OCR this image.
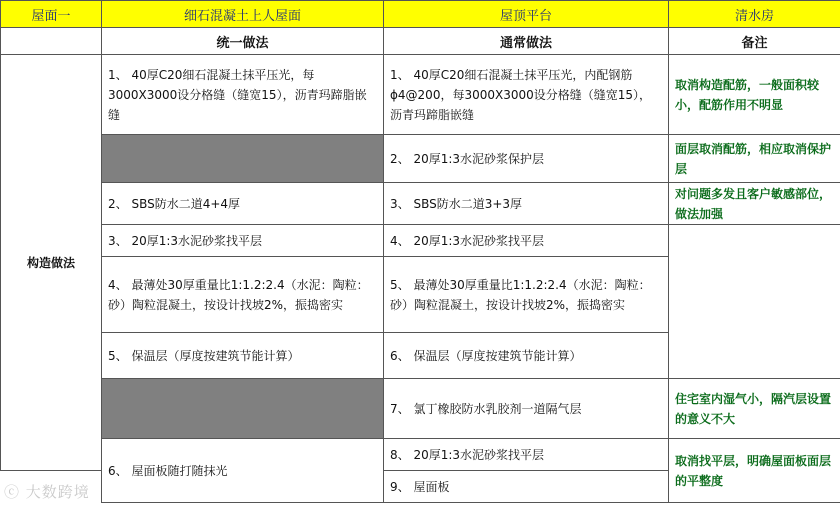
屋面一	细石混凝土上人屋面	屋顶平台	清水房
	统一做法	通常做法	备注
构造做法	1、 40厚C20细石混凝土抹平压光，每3000X3000设分格缝（缝宽15），沥青玛蹄脂嵌缝	1、 40厚C20细石混凝土抹平压光，内配钢筋ϕ4@200，每3000X3000设分格缝（缝宽15），沥青玛蹄脂嵌缝	取消构造配筋，一般面积较小，配筋作用不明显
		2、 20厚1:3水泥砂浆保护层	面层取消配筋，相应取消保护层
	2、 SBS防水二道4+4厚	3、 SBS防水二道3+3厚	对问题多发且客户敏感部位，做法加强
	3、 20厚1:3水泥砂浆找平层	4、 20厚1:3水泥砂浆找平层	
	4、 最薄处30厚重量比1:1.2:2.4（水泥：陶粒：砂）陶粒混凝土，按设计找坡2%，振捣密实	5、 最薄处30厚重量比1:1.2:2.4（水泥：陶粒：砂）陶粒混凝土，按设计找坡2%，振捣密实	
	5、 保温层（厚度按建筑节能计算）	6、 保温层（厚度按建筑节能计算）	
		7、 氯丁橡胶防水乳胶剂一道隔气层	住宅室内湿气小，隔汽层设置的意义不大
	6、 屋面板随打随抹光	8、 20厚1:3水泥砂浆找平层	取消找平层，明确屋面板面层的平整度
		9、 屋面板	
ⓒ 大数跨境
